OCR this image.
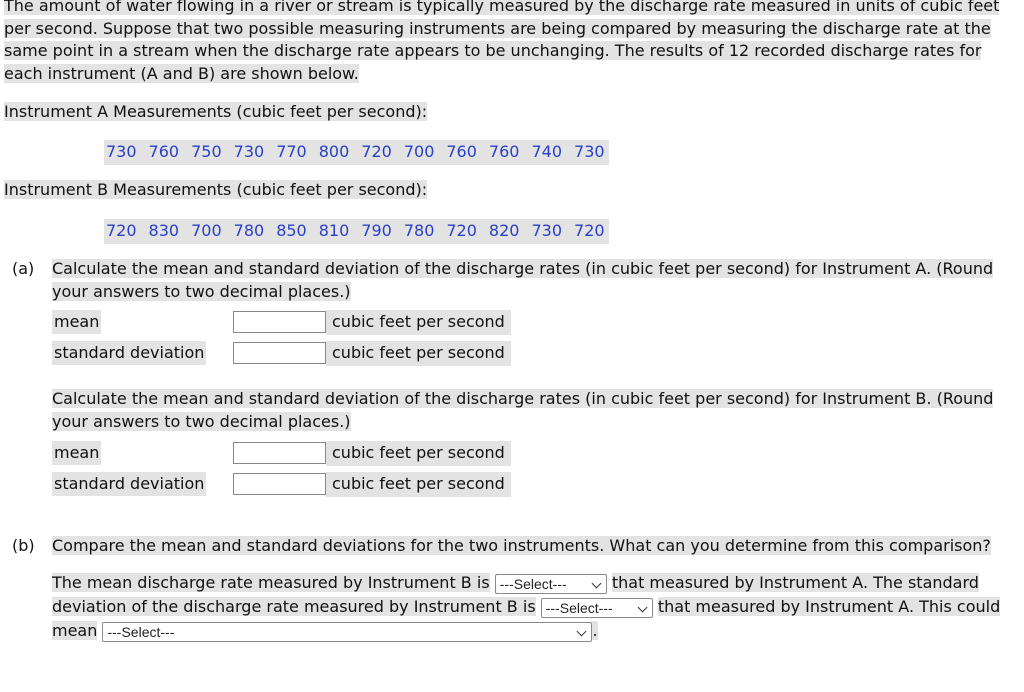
The amount of water flowing in a river or stream is typically measured by the discharge rate measured in units of cubic feet per second. Suppose that two possible measuring instruments are being compared by measuring the discharge rate at the same point in a stream when the discharge rate appears to be unchanging. The results of 12 recorded discharge rates for each instrument (A and B) are shown below.
Instrument A Measurements (cubic feet per second):
730 760 750 730 770 800 720 700 760 760 740 730
Instrument B Measurements (cubic feet per second):
720 830 700 780 850 810 790 780 720 820 730 720
(a) Calculate the mean and standard deviation of the discharge rates (in cubic feet per second) for Instrument A. (Round your answers to two decimal places.)
mean	cubic feet per second
standard deviation	cubic feet per second
Calculate the mean and standard deviation of the discharge rates (in cubic feet per second) for Instrument B. (Round your answers to two decimal places.)
mean	cubic feet per second
standard deviation	cubic feet per second
(b) Compare the mean and standard deviations for the two instruments. What can you determine from this comparison?
The mean discharge rate measured by Instrument B is ---Select---	that measured by Instrument A. The standard deviation of the discharge rate measured by Instrument B is ---Select---	that measured by Instrument A. This could mean ---Select---	.
